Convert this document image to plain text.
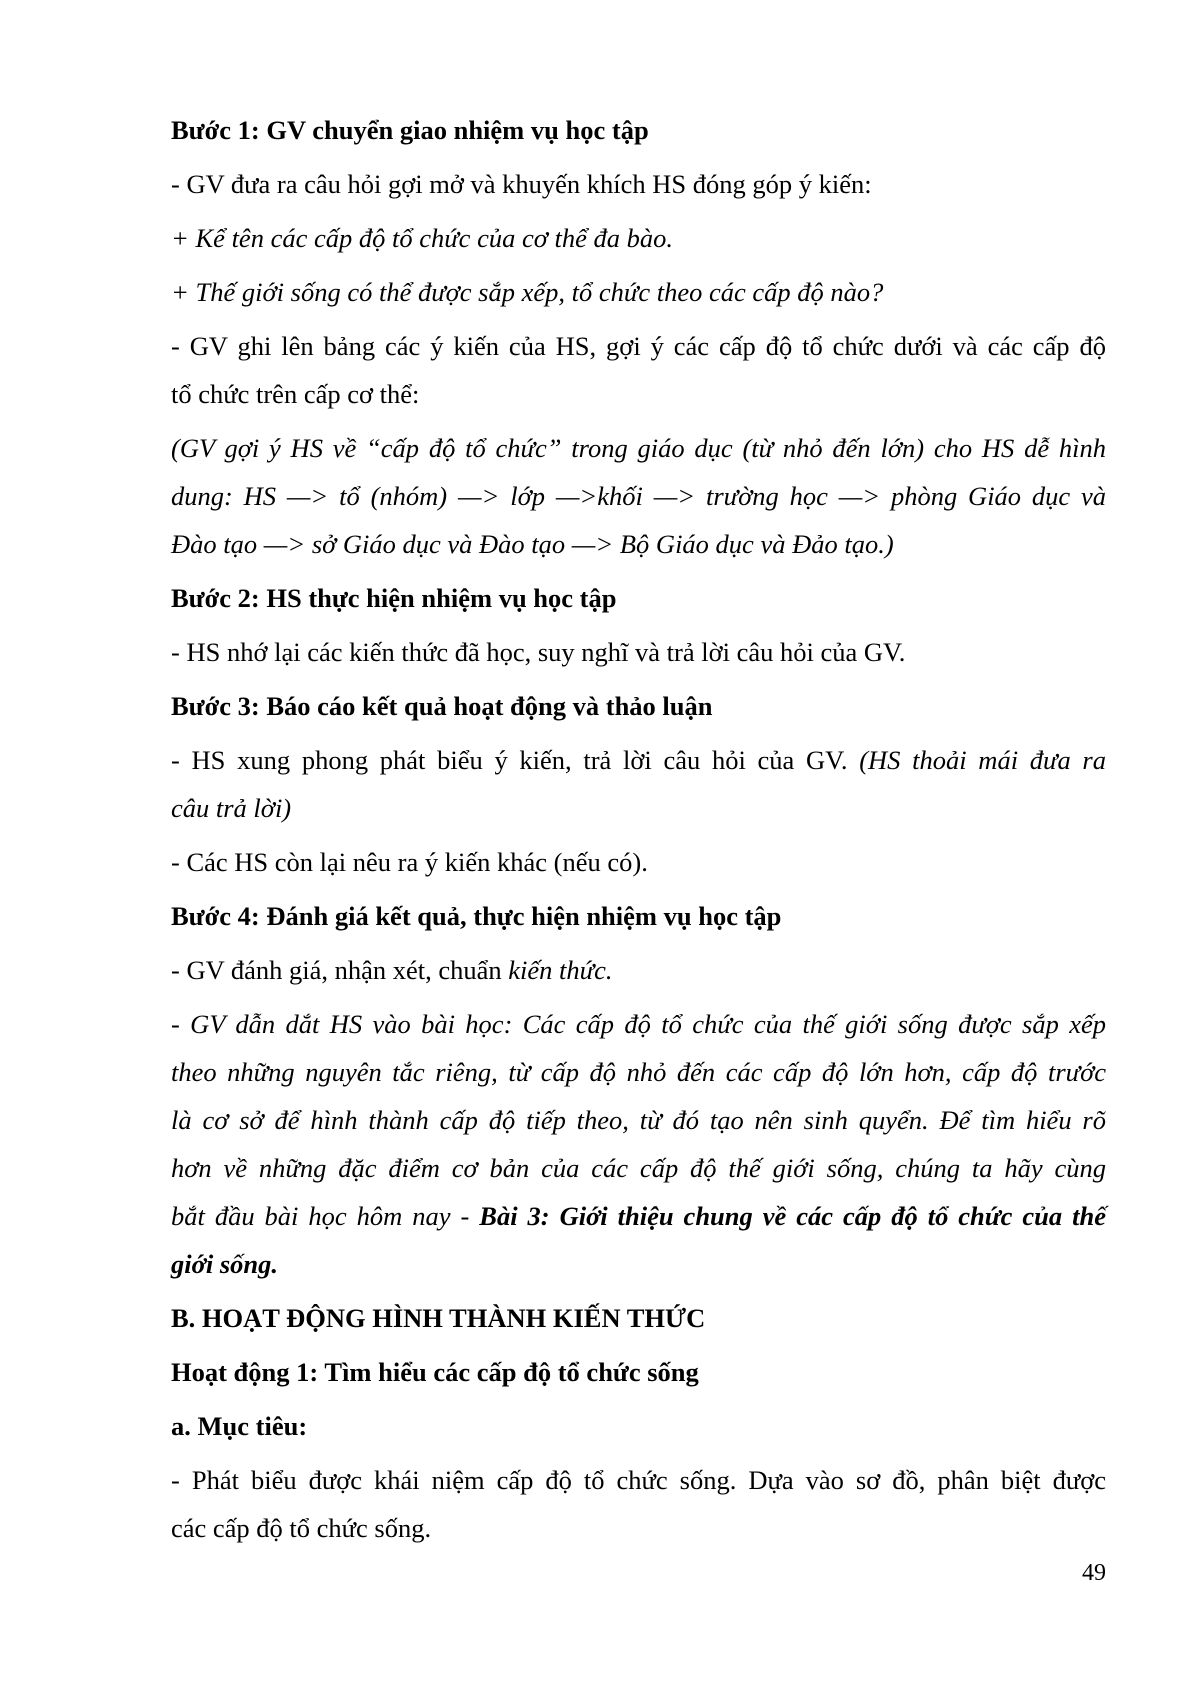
Bước 1: GV chuyển giao nhiệm vụ học tập
- GV đưa ra câu hỏi gợi mở và khuyến khích HS đóng góp ý kiến:
+ Kể tên các cấp độ tổ chức của cơ thể đa bào.
+ Thế giới sống có thể được sắp xếp, tổ chức theo các cấp độ nào?
- GV ghi lên bảng các ý kiến của HS, gợi ý các cấp độ tổ chức dưới và các cấp độ
tổ chức trên cấp cơ thể:
(GV gợi ý HS về “cấp độ tổ chức” trong giáo dục (từ nhỏ đến lớn) cho HS dễ hình
dung: HS —> tổ (nhóm) —> lớp —>khối —> trường học —> phòng Giáo dục và
Đào tạo —> sở Giáo dục và Đào tạo —> Bộ Giáo dục và Đảo tạo.)
Bước 2: HS thực hiện nhiệm vụ học tập
- HS nhớ lại các kiến thức đã học, suy nghĩ và trả lời câu hỏi của GV.
Bước 3: Báo cáo kết quả hoạt động và thảo luận
- HS xung phong phát biểu ý kiến, trả lời câu hỏi của GV. (HS thoải mái đưa ra
câu trả lời)
- Các HS còn lại nêu ra ý kiến khác (nếu có).
Bước 4: Đánh giá kết quả, thực hiện nhiệm vụ học tập
- GV đánh giá, nhận xét, chuẩn kiến thức.
- GV dẫn dắt HS vào bài học: Các cấp độ tổ chức của thế giới sống được sắp xếp
theo những nguyên tắc riêng, từ cấp độ nhỏ đến các cấp độ lớn hơn, cấp độ trước
là cơ sở để hình thành cấp độ tiếp theo, từ đó tạo nên sinh quyển. Để tìm hiểu rõ
hơn về những đặc điểm cơ bản của các cấp độ thế giới sống, chúng ta hãy cùng
bắt đầu bài học hôm nay - Bài 3: Giới thiệu chung về các cấp độ tổ chức của thế
giới sống.
B. HOẠT ĐỘNG HÌNH THÀNH KIẾN THỨC
Hoạt động 1: Tìm hiểu các cấp độ tổ chức sống
a. Mục tiêu:
- Phát biểu được khái niệm cấp độ tổ chức sống. Dựa vào sơ đồ, phân biệt được
các cấp độ tổ chức sống.
49
